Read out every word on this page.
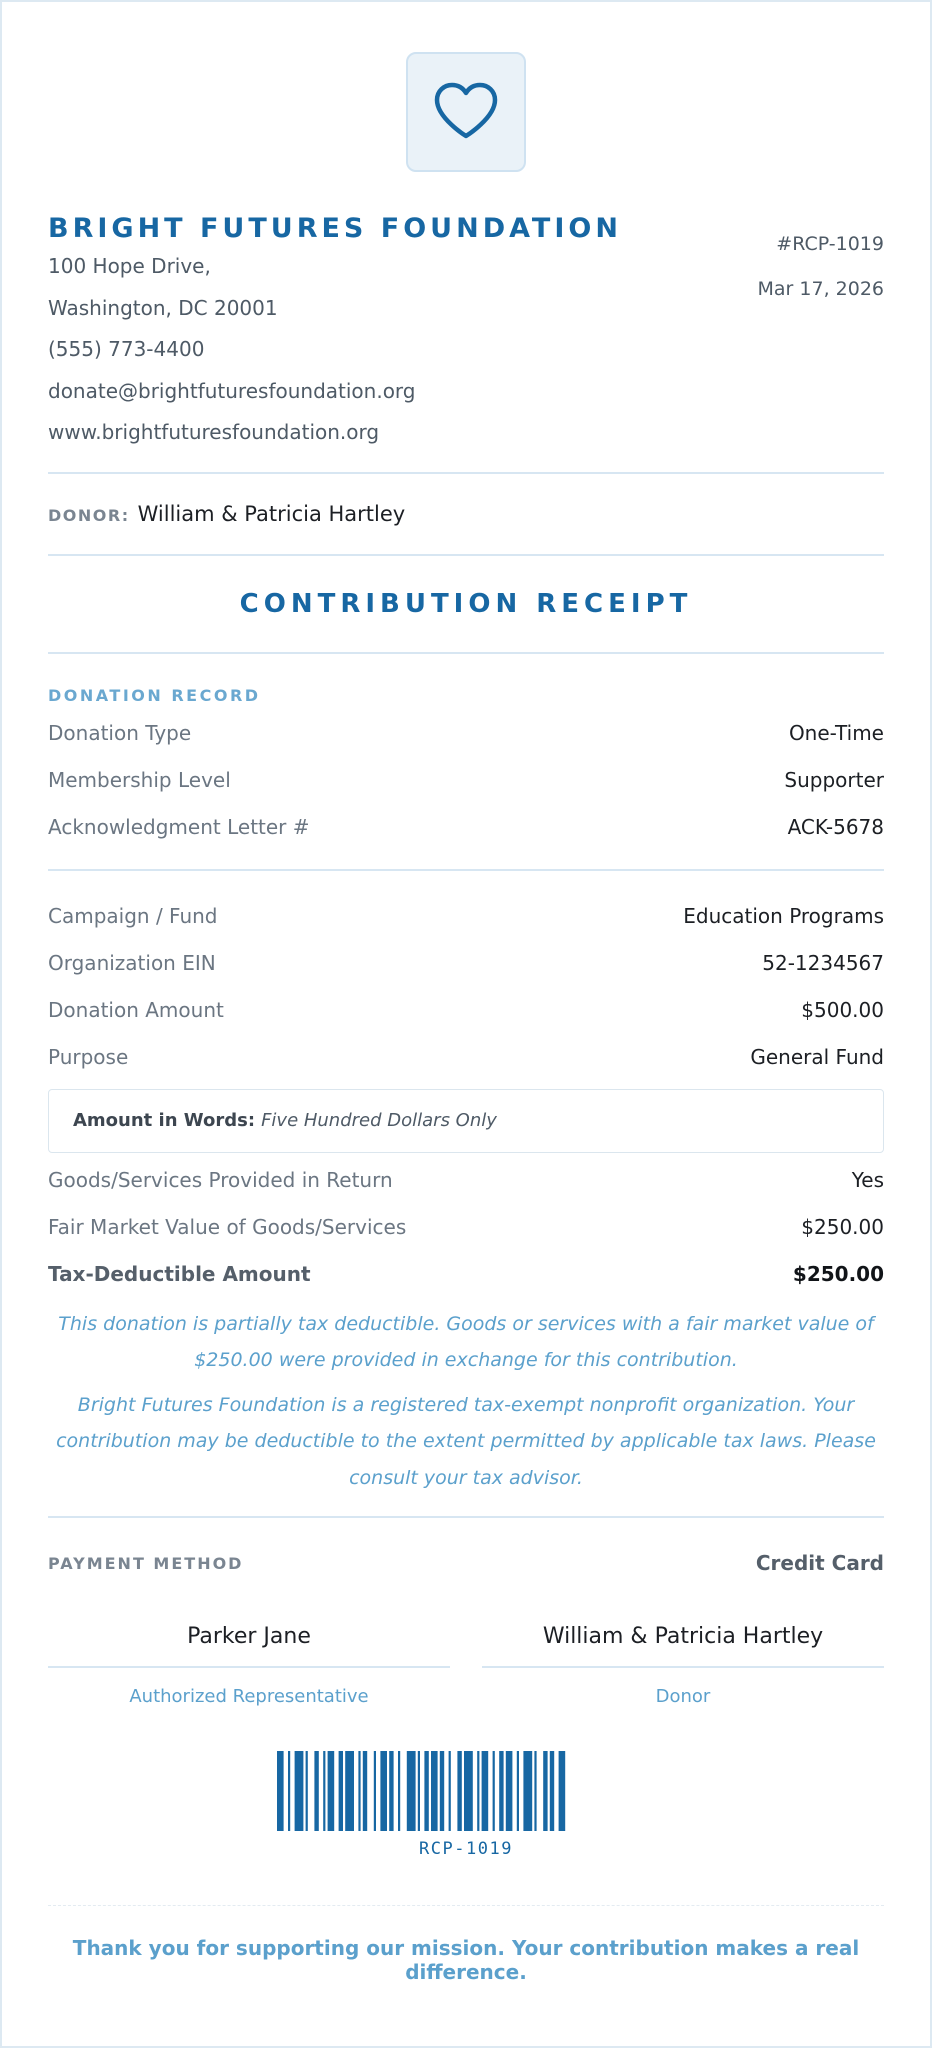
BRIGHT FUTURES FOUNDATION
100 Hope Drive,
Washington, DC 20001
(555) 773-4400
donate@brightfuturesfoundation.org
www.brightfuturesfoundation.org
#RCP-1019
Mar 17, 2026
DONOR: William & Patricia Hartley
CONTRIBUTION RECEIPT
DONATION RECORD
Donation Type	One-Time
Membership Level	Supporter
Acknowledgment Letter #	ACK-5678
Campaign / Fund	Education Programs
Organization EIN	52-1234567
Donation Amount	$500.00
Purpose	General Fund
Amount in Words: Five Hundred Dollars Only
Goods/Services Provided in Return	Yes
Fair Market Value of Goods/Services	$250.00
Tax-Deductible Amount	$250.00
This donation is partially tax deductible. Goods or services with a fair market value of $250.00 were provided in exchange for this contribution.
Bright Futures Foundation is a registered tax-exempt nonprofit organization. Your contribution may be deductible to the extent permitted by applicable tax laws. Please consult your tax advisor.
PAYMENT METHOD	Credit Card
Parker Jane
Authorized Representative
William & Patricia Hartley
Donor
RCP-1019
Thank you for supporting our mission. Your contribution makes a real difference.
